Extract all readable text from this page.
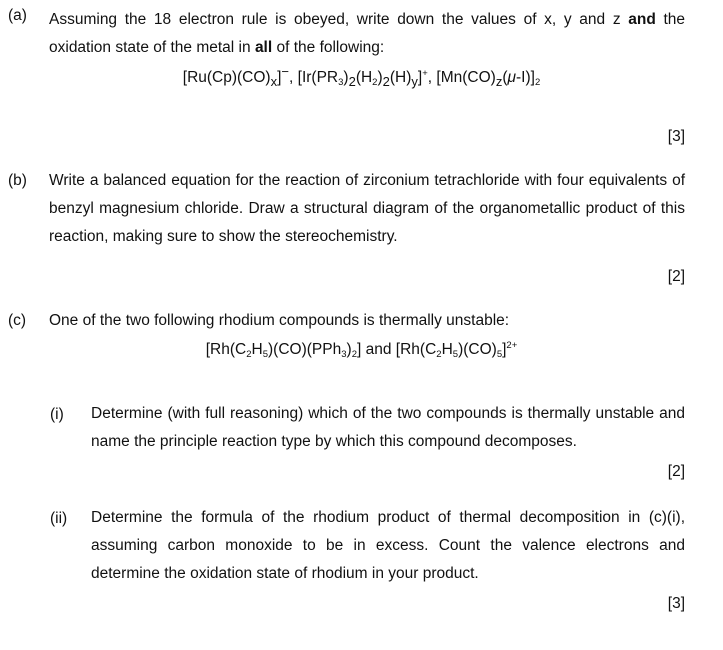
(a) Assuming the 18 electron rule is obeyed, write down the values of x, y and z and the oxidation state of the metal in all of the following:
$[Ru(Cp)(CO)_x]^-$, $[Ir(PR_3)_2(H_2)_2(H)_y]^+$, $[Mn(CO)_z(\mu-I)]_2$
[3]
(b) Write a balanced equation for the reaction of zirconium tetrachloride with four equivalents of benzyl magnesium chloride. Draw a structural diagram of the organometallic product of this reaction, making sure to show the stereochemistry.
[2]
(c) One of the two following rhodium compounds is thermally unstable:
$[Rh(C_2H_5)(CO)(PPh_3)_2]$ and $[Rh(C_2H_5)(CO)_5]^{2+}$
(i) Determine (with full reasoning) which of the two compounds is thermally unstable and name the principle reaction type by which this compound decomposes.
[2]
(ii) Determine the formula of the rhodium product of thermal decomposition in (c)(i), assuming carbon monoxide to be in excess. Count the valence electrons and determine the oxidation state of rhodium in your product.
[3]
